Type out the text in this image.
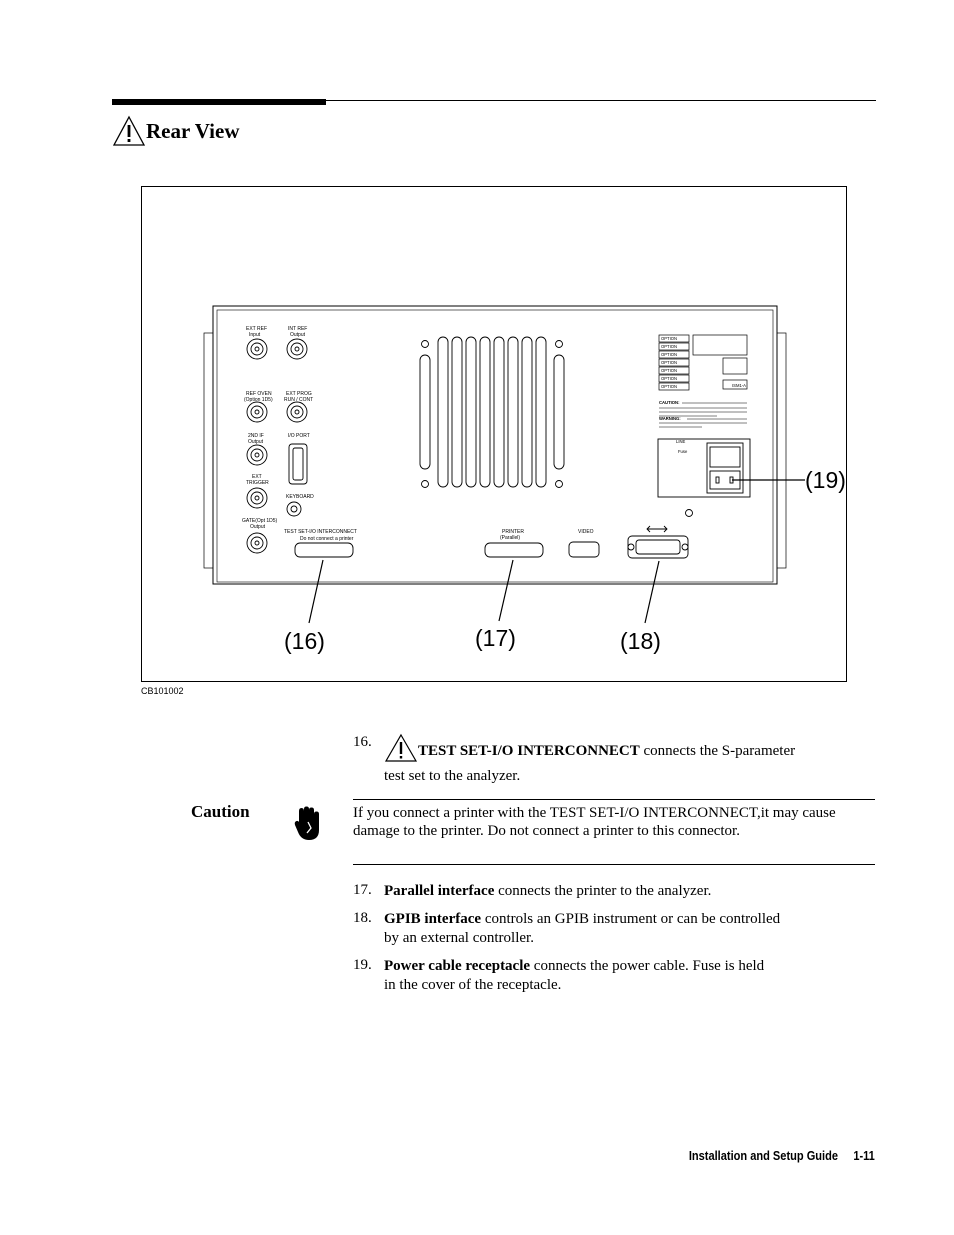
Rear View
EXT REF
Input
INT REF
Output
REF OVEN
(Option 1D5)
EXT PROG
RUN / CONT
I/O PORT
2ND IF
Output
EXT
TRIGGER
KEYBOARD
GATE(Opt 1D5)
Output
TEST SET-I/O INTERCONNECT
Do not connect a printer
PRINTER
(Parallel)
VIDEO
OPTION
OPTION
OPTION
OPTION
OPTION
OPTION
OPTION	ISM1-A
CAUTION:
WARNING:
LINE
Fuse
(16)	(17)	(18)
(19)
CB101002
16.
TEST SET-I/O INTERCONNECT connects the S-parameter
test set to the analyzer.
Caution	If you connect a printer with the TEST SET-I/O INTERCONNECT,it may cause damage to the printer. Do not connect a printer to this connector.
17. Parallel interface connects the printer to the analyzer.
18. GPIB interface controls an GPIB instrument or can be controlled
by an external controller.
19. Power cable receptacle connects the power cable. Fuse is held
in the cover of the receptacle.
Installation and Setup Guide 1-11
